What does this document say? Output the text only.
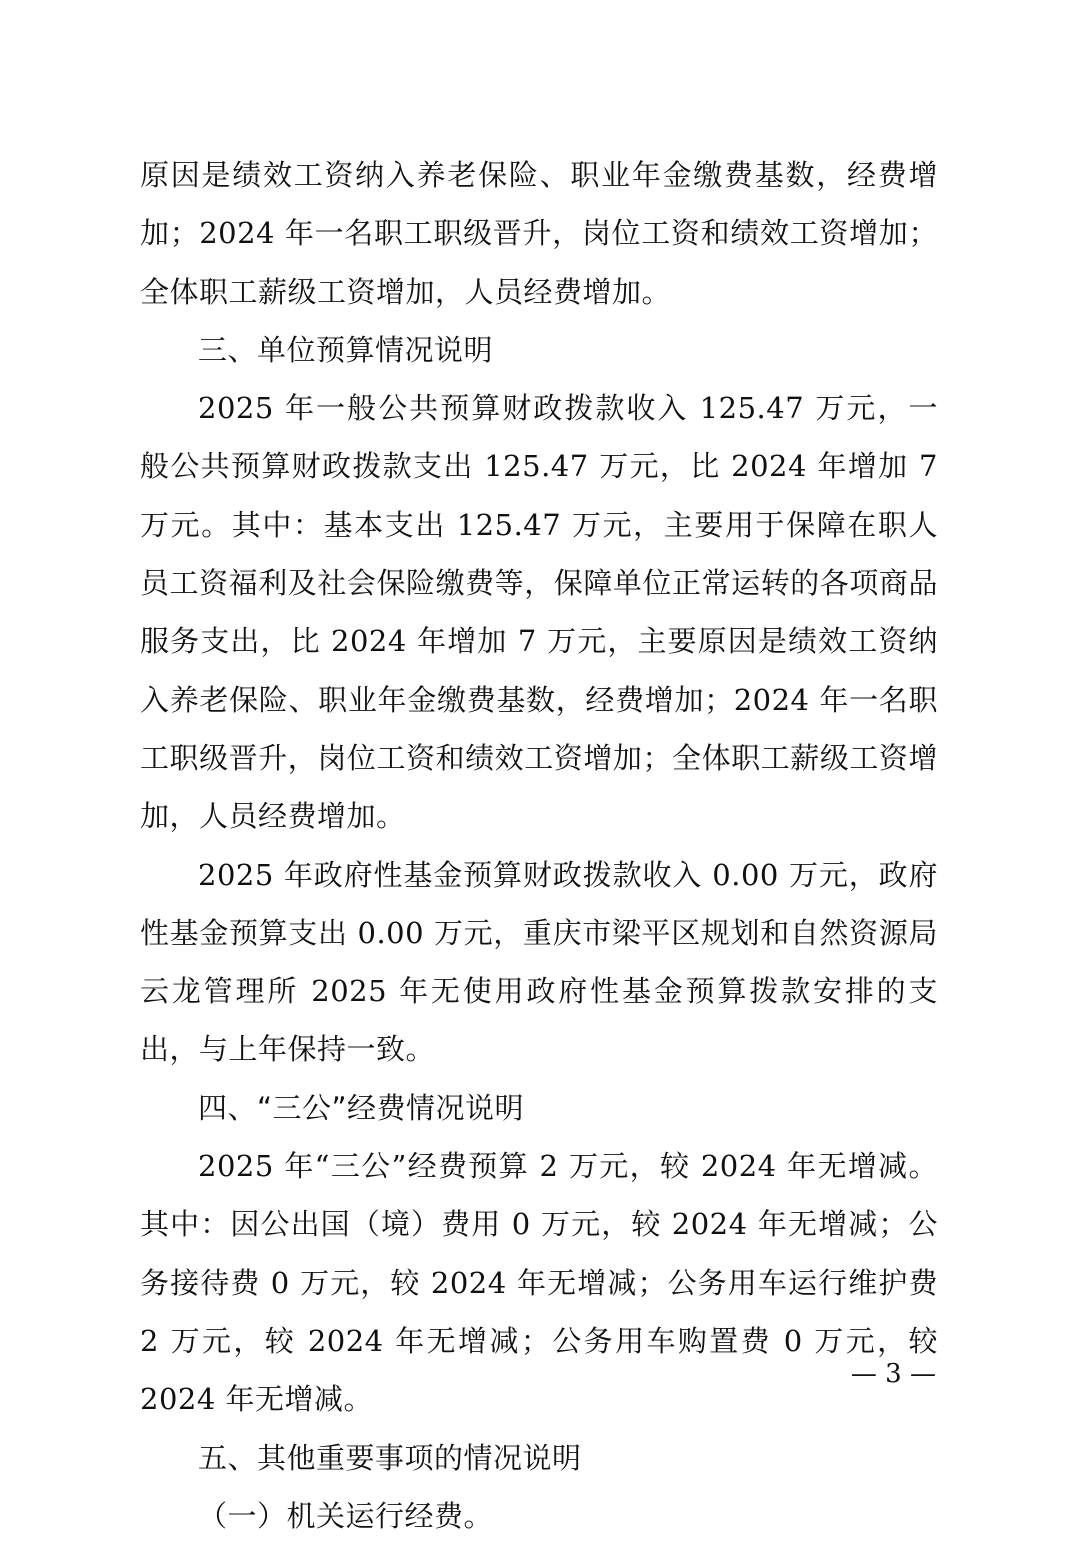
原因是绩效工资纳入养老保险、职业年金缴费基数，经费增加；2024 年一名职工职级晋升，岗位工资和绩效工资增加；全体职工薪级工资增加，人员经费增加。

三、单位预算情况说明

2025 年一般公共预算财政拨款收入 125.47 万元，一般公共预算财政拨款支出 125.47 万元，比 2024 年增加 7 万元。其中：基本支出 125.47 万元，主要用于保障在职人员工资福利及社会保险缴费等，保障单位正常运转的各项商品服务支出，比 2024 年增加 7 万元，主要原因是绩效工资纳入养老保险、职业年金缴费基数，经费增加；2024 年一名职工职级晋升，岗位工资和绩效工资增加；全体职工薪级工资增加，人员经费增加。

2025 年政府性基金预算财政拨款收入 0.00 万元，政府性基金预算支出 0.00 万元，重庆市梁平区规划和自然资源局云龙管理所 2025 年无使用政府性基金预算拨款安排的支出，与上年保持一致。

四、“三公”经费情况说明

2025 年“三公”经费预算 2 万元，较 2024 年无增减。其中：因公出国（境）费用 0 万元，较 2024 年无增减；公务接待费 0 万元，较 2024 年无增减；公务用车运行维护费 2 万元，较 2024 年无增减；公务用车购置费 0 万元，较 2024 年无增减。

五、其他重要事项的情况说明

（一）机关运行经费。

— 3 —
